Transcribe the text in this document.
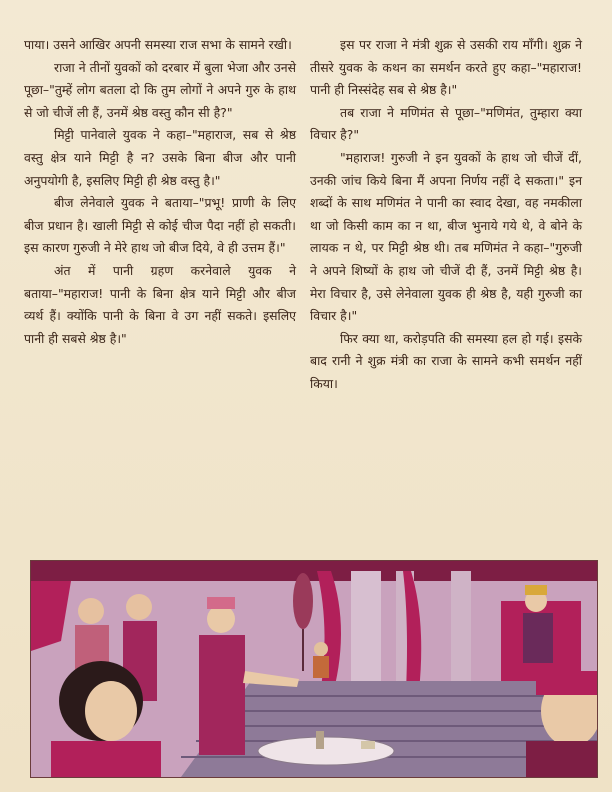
पाया। उसने आखिर अपनी समस्या राज सभा के सामने रखी।

राजा ने तीनों युवकों को दरबार में बुला भेजा और उनसे पूछा–"तुम्हें लोग बतला दो कि तुम लोगों ने अपने गुरु के हाथ से जो चीजें ली हैं, उनमें श्रेष्ठ वस्तु कौन सी है?"

मिट्टी पानेवाले युवक ने कहा–"महाराज, सब से श्रेष्ठ वस्तु क्षेत्र याने मिट्टी है न? उसके बिना बीज और पानी अनुपयोगी है, इसलिए मिट्टी ही श्रेष्ठ वस्तु है।"

बीज लेनेवाले युवक ने बताया–"प्रभू! प्राणी के लिए बीज प्रधान है। खाली मिट्टी से कोई चीज पैदा नहीं हो सकती। इस कारण गुरुजी ने मेरे हाथ जो बीज दिये, वे ही उत्तम हैं।"

अंत में पानी ग्रहण करनेवाले युवक ने बताया–"महाराज! पानी के बिना क्षेत्र याने मिट्टी और बीज व्यर्थ हैं। क्योंकि पानी के बिना वे उग नहीं सकते। इसलिए पानी ही सबसे श्रेष्ठ है।"

इस पर राजा ने मंत्री शुक्र से उसकी राय माँगी। शुक्र ने तीसरे युवक के कथन का समर्थन करते हुए कहा–"महाराज! पानी ही निस्संदेह सब से श्रेष्ठ है।"

तब राजा ने मणिमंत से पूछा–"मणिमंत, तुम्हारा क्या विचार है?"

"महाराज! गुरुजी ने इन युवकों के हाथ जो चीजें दीं, उनकी जांच किये बिना मैं अपना निर्णय नहीं दे सकता।" इन शब्दों के साथ मणिमंत ने पानी का स्वाद देखा, वह नमकीला था जो किसी काम का न था, बीज भुनाये गये थे, वे बोने के लायक न थे, पर मिट्टी श्रेष्ठ थी। तब मणिमंत ने कहा–"गुरुजी ने अपने शिष्यों के हाथ जो चीजें दी हैं, उनमें मिट्टी श्रेष्ठ है। मेरा विचार है, उसे लेनेवाला युवक ही श्रेष्ठ है, यही गुरुजी का विचार है।"

फिर क्या था, करोड़पति की समस्या हल हो गई। इसके बाद रानी ने शुक्र मंत्री का राजा के सामने कभी समर्थन नहीं किया।
